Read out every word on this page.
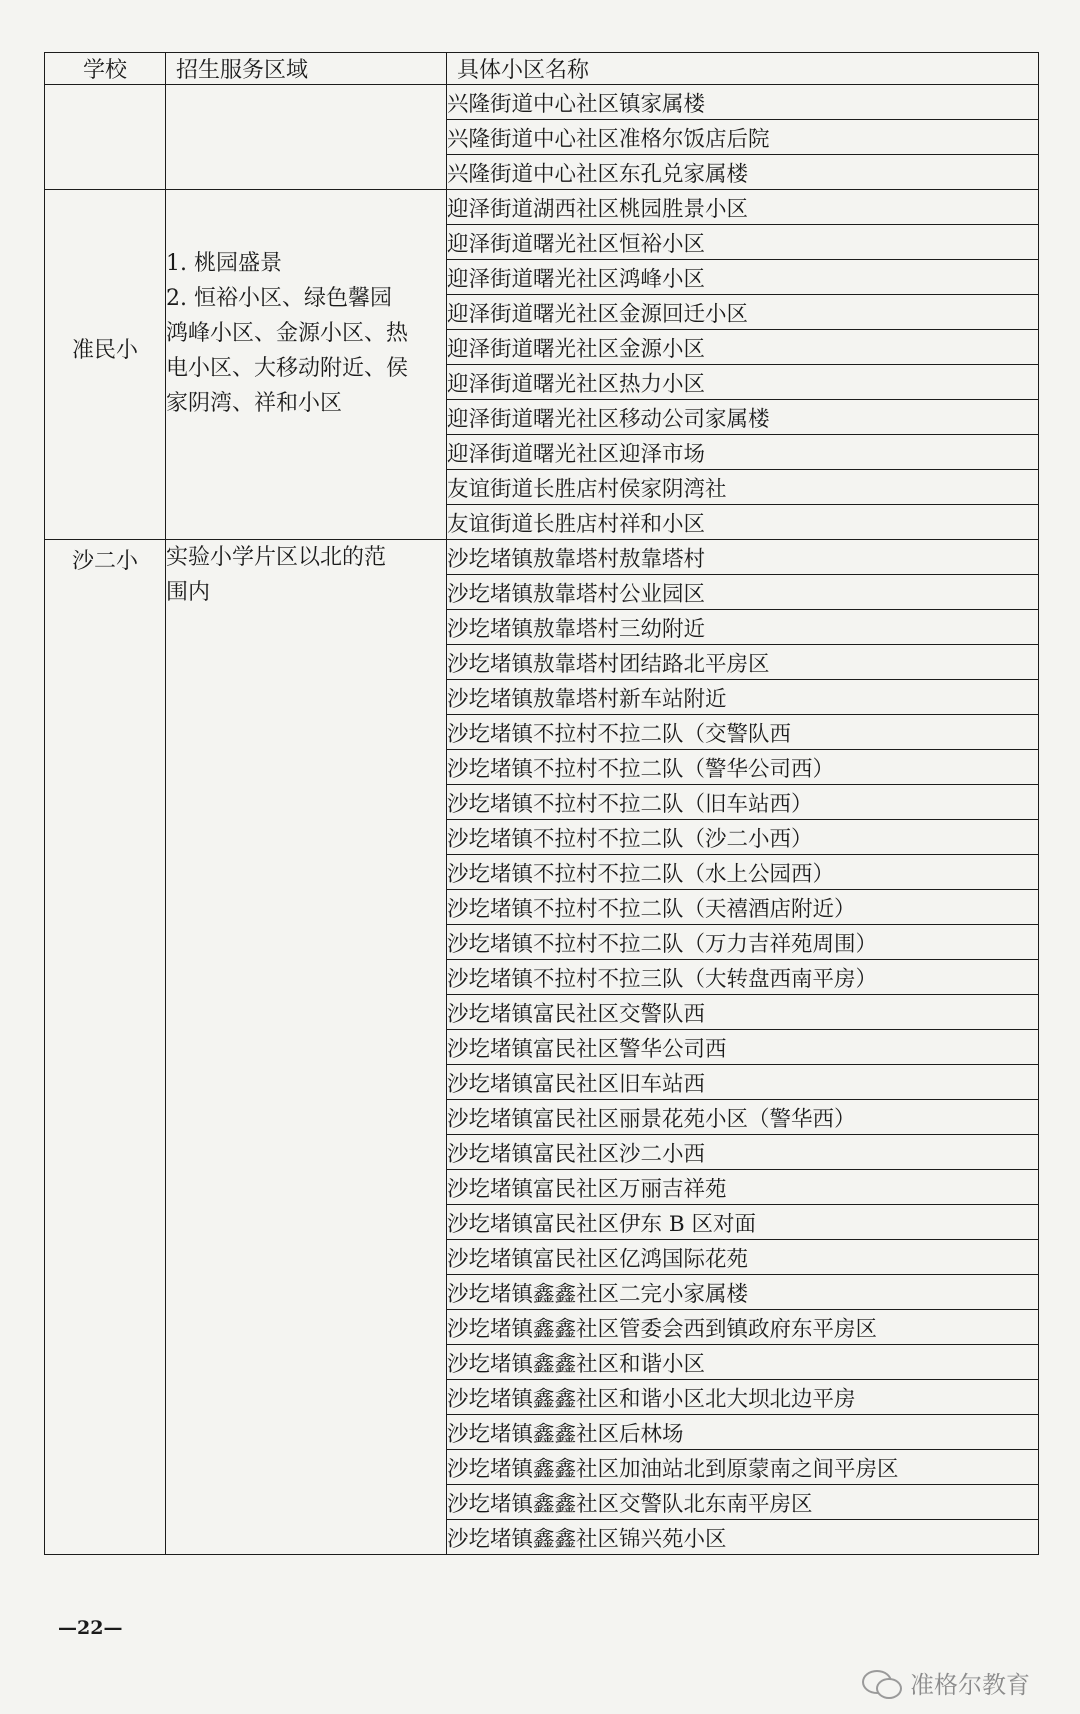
学校	招生服务区域	具体小区名称

		兴隆街道中心社区镇家属楼
		兴隆街道中心社区准格尔饭店后院
		兴隆街道中心社区东孔兑家属楼

准民小	1. 桃园盛景
2. 恒裕小区、绿色馨园
鸿峰小区、金源小区、热
电小区、大移动附近、侯
家阴湾、祥和小区	迎泽街道湖西社区桃园胜景小区
		迎泽街道曙光社区恒裕小区
		迎泽街道曙光社区鸿峰小区
		迎泽街道曙光社区金源回迁小区
		迎泽街道曙光社区金源小区
		迎泽街道曙光社区热力小区
		迎泽街道曙光社区移动公司家属楼
		迎泽街道曙光社区迎泽市场
		友谊街道长胜店村侯家阴湾社
		友谊街道长胜店村祥和小区

沙二小	实验小学片区以北的范
围内	沙圪堵镇敖靠塔村敖靠塔村
		沙圪堵镇敖靠塔村公业园区
		沙圪堵镇敖靠塔村三幼附近
		沙圪堵镇敖靠塔村团结路北平房区
		沙圪堵镇敖靠塔村新车站附近
		沙圪堵镇不拉村不拉二队（交警队西
		沙圪堵镇不拉村不拉二队（警华公司西）
		沙圪堵镇不拉村不拉二队（旧车站西）
		沙圪堵镇不拉村不拉二队（沙二小西）
		沙圪堵镇不拉村不拉二队（水上公园西）
		沙圪堵镇不拉村不拉二队（天禧酒店附近）
		沙圪堵镇不拉村不拉二队（万力吉祥苑周围）
		沙圪堵镇不拉村不拉三队（大转盘西南平房）
		沙圪堵镇富民社区交警队西
		沙圪堵镇富民社区警华公司西
		沙圪堵镇富民社区旧车站西
		沙圪堵镇富民社区丽景花苑小区（警华西）
		沙圪堵镇富民社区沙二小西
		沙圪堵镇富民社区万丽吉祥苑
		沙圪堵镇富民社区伊东 B 区对面
		沙圪堵镇富民社区亿鸿国际花苑
		沙圪堵镇鑫鑫社区二完小家属楼
		沙圪堵镇鑫鑫社区管委会西到镇政府东平房区
		沙圪堵镇鑫鑫社区和谐小区
		沙圪堵镇鑫鑫社区和谐小区北大坝北边平房
		沙圪堵镇鑫鑫社区后林场
		沙圪堵镇鑫鑫社区加油站北到原蒙南之间平房区
		沙圪堵镇鑫鑫社区交警队北东南平房区
		沙圪堵镇鑫鑫社区锦兴苑小区
—22—
准格尔教育
